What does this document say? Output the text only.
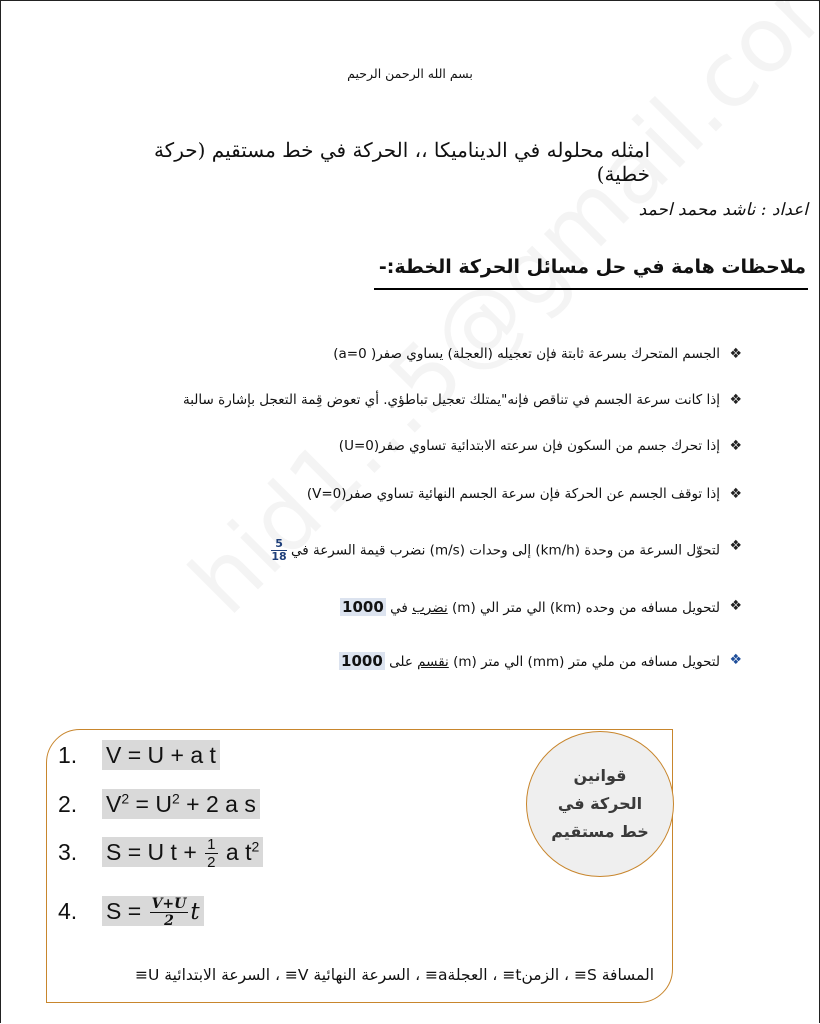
بسم الله الرحمن الرحيم
امثله محلوله في الديناميكا ،، الحركة في خط مستقيم (حركة خطية)
اعداد : ناشد محمد احمد
ملاحظات هامة في حل مسائل الحركة الخطة:-
❖
الجسم المتحرك بسرعة ثابتة فإن تعجيله (العجلة) يساوي صفر( a=0)
❖
إذا كانت سرعة الجسم في تناقص فإنه"يمتلك تعجيل تباطؤي. أي تعوض قِمة التعجل بإشارة سالبة
❖
إذا تحرك جسم من السكون فإن سرعته الابتدائية تساوي صفر(U=0)
❖
إذا توقف الجسم عن الحركة فإن سرعة الجسم النهائية تساوي صفر(V=0)
❖
لتحوّل السرعة من وحدة (km/h) إلى وحدات (m/s) نضرب قيمة السرعة في
$\frac{5}{18}$
❖
لتحويل مسافه من وحده (km) الي متر الي (m) نضرب في 1000
❖
لتحويل مسافه من ملي متر (mm) الي متر (m) نقسم على 1000
قوانين
الحركة في
خط مستقيم
1. V = U + a t
2. $V^2 = U^2 + 2$ a s
3. S = U $t + \frac{1}{2}$ a $t^2$
4. $S = \frac{V+U}{2}t$
المسافة S≡ ، الزمنt≡ ، العجلةa≡ ، السرعة النهائية V≡ ، السرعة الابتدائية U≡
